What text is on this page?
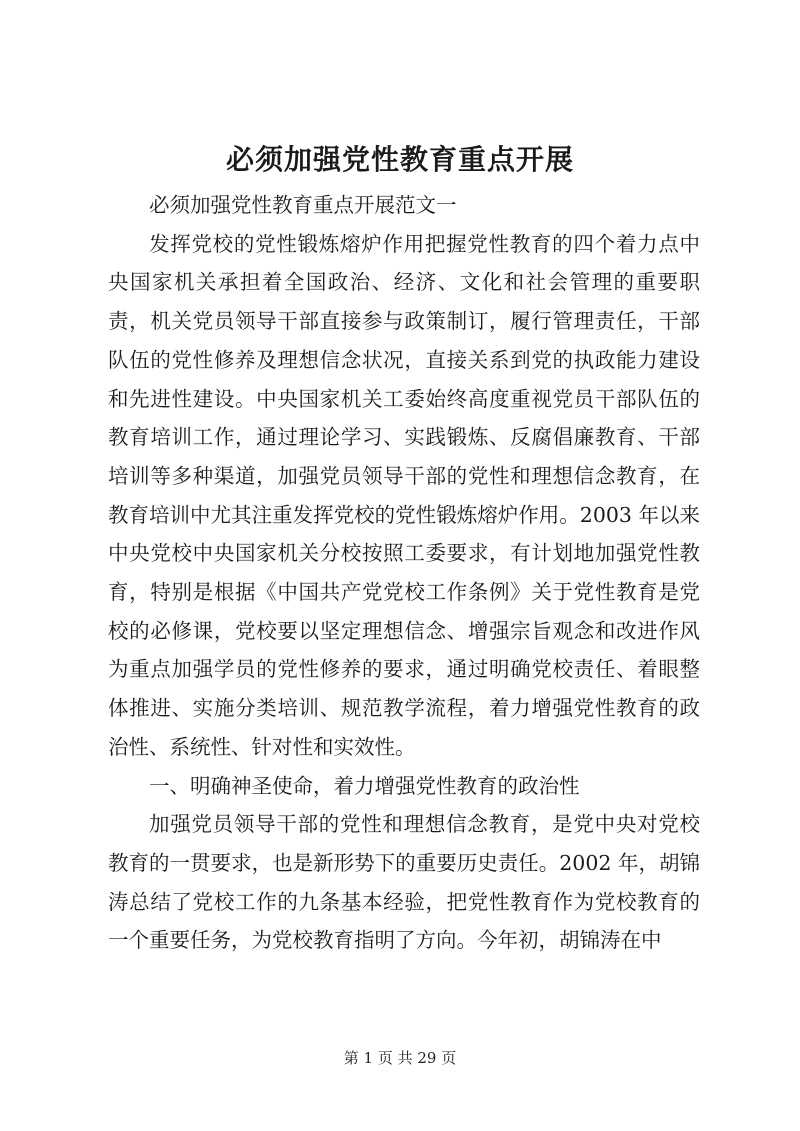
必须加强党性教育重点开展

必须加强党性教育重点开展范文一

发挥党校的党性锻炼熔炉作用把握党性教育的四个着力点中央国家机关承担着全国政治、经济、文化和社会管理的重要职责，机关党员领导干部直接参与政策制订，履行管理责任，干部队伍的党性修养及理想信念状况，直接关系到党的执政能力建设和先进性建设。中央国家机关工委始终高度重视党员干部队伍的教育培训工作，通过理论学习、实践锻炼、反腐倡廉教育、干部培训等多种渠道，加强党员领导干部的党性和理想信念教育，在教育培训中尤其注重发挥党校的党性锻炼熔炉作用。2003 年以来中央党校中央国家机关分校按照工委要求，有计划地加强党性教育，特别是根据《中国共产党党校工作条例》关于党性教育是党校的必修课，党校要以坚定理想信念、增强宗旨观念和改进作风为重点加强学员的党性修养的要求，通过明确党校责任、着眼整体推进、实施分类培训、规范教学流程，着力增强党性教育的政治性、系统性、针对性和实效性。

一、明确神圣使命，着力增强党性教育的政治性

加强党员领导干部的党性和理想信念教育，是党中央对党校教育的一贯要求，也是新形势下的重要历史责任。2002 年，胡锦涛总结了党校工作的九条基本经验，把党性教育作为党校教育的一个重要任务，为党校教育指明了方向。今年初，胡锦涛在中

第 1 页 共 29 页
